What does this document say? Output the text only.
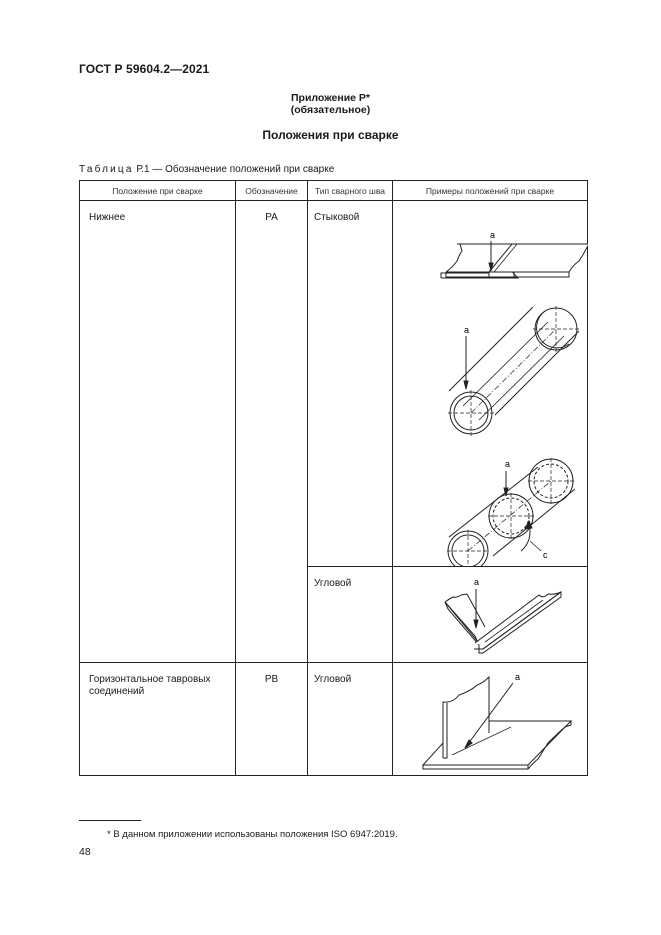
ГОСТ Р 59604.2—2021
Приложение Р*
(обязательное)
Положения при сварке
Таблица Р.1 — Обозначение положений при сварке
Положение при сварке	Обозначение	Тип сварного шва	Примеры положений при сварке

Нижнее	PA	Стыковой	a
a
a
c

		Угловой	a

Горизонтальное тавровых соединений	PB	Угловой	a
* В данном приложении использованы положения ISO 6947:2019.
48
